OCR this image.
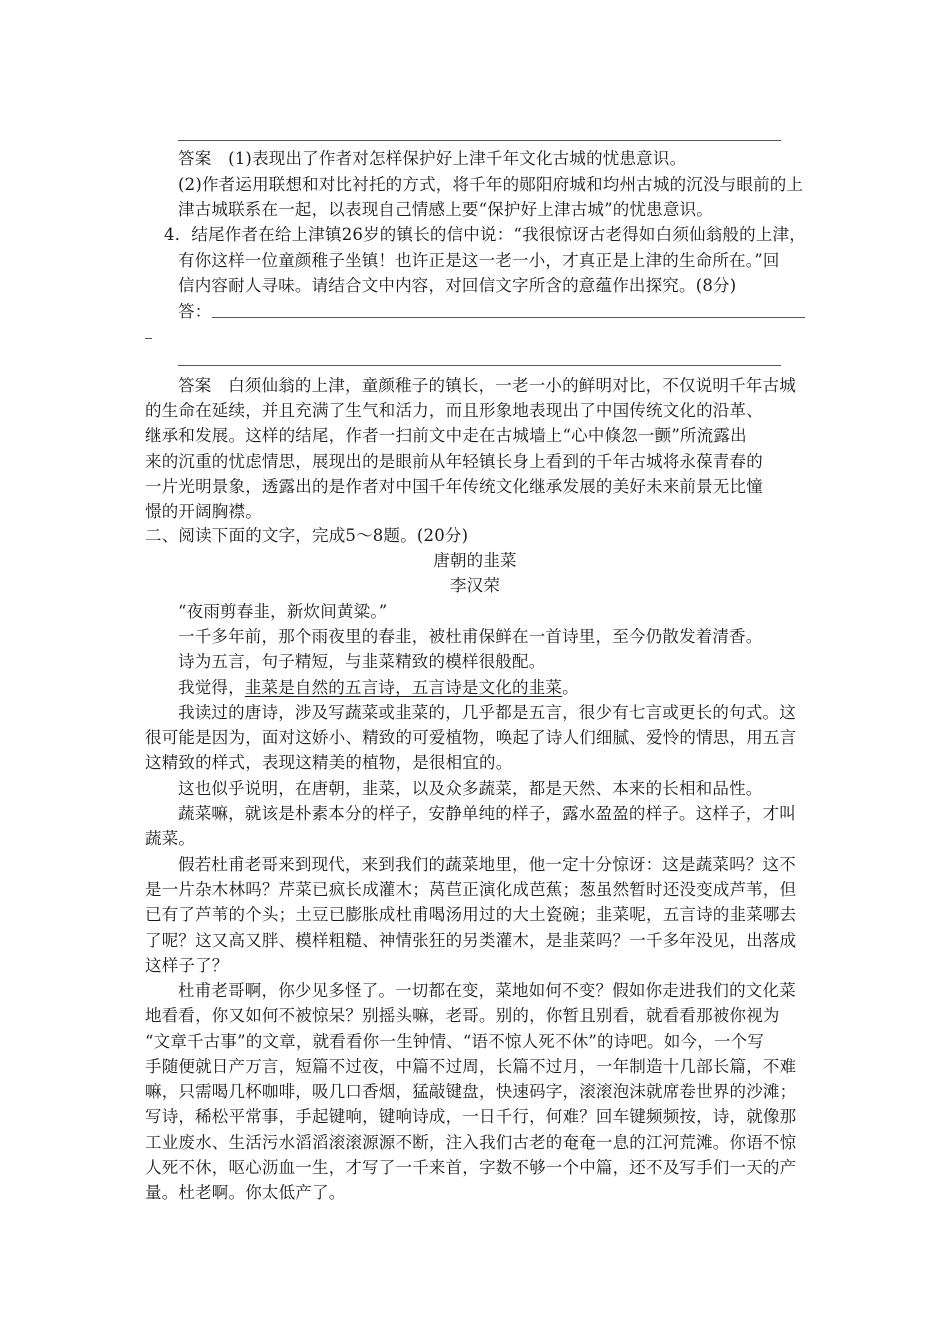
答案　(1)表现出了作者对怎样保护好上津千年文化古城的忧患意识。
(2)作者运用联想和对比衬托的方式，将千年的郧阳府城和均州古城的沉没与眼前的上
津古城联系在一起，以表现自己情感上要“保护好上津古城”的忧患意识。
4．结尾作者在给上津镇26岁的镇长的信中说：“我很惊讶古老得如白须仙翁般的上津，
有你这样一位童颜稚子坐镇！也许正是这一老一小，才真正是上津的生命所在。”回
信内容耐人寻味。请结合文中内容，对回信文字所含的意蕴作出探究。(8分)
答：
答案　白须仙翁的上津，童颜稚子的镇长，一老一小的鲜明对比，不仅说明千年古城
的生命在延续，并且充满了生气和活力，而且形象地表现出了中国传统文化的沿革、
继承和发展。这样的结尾，作者一扫前文中走在古城墙上“心中倏忽一颤”所流露出
来的沉重的忧虑情思，展现出的是眼前从年轻镇长身上看到的千年古城将永葆青春的
一片光明景象，透露出的是作者对中国千年传统文化继承发展的美好未来前景无比憧
憬的开阔胸襟。
二、阅读下面的文字，完成5～8题。(20分)
唐朝的韭菜
李汉荣
“夜雨剪春韭，新炊间黄粱。”
一千多年前，那个雨夜里的春韭，被杜甫保鲜在一首诗里，至今仍散发着清香。
诗为五言，句子精短，与韭菜精致的模样很般配。
我觉得，韭菜是自然的五言诗，五言诗是文化的韭菜。
我读过的唐诗，涉及写蔬菜或韭菜的，几乎都是五言，很少有七言或更长的句式。这
很可能是因为，面对这娇小、精致的可爱植物，唤起了诗人们细腻、爱怜的情思，用五言
这精致的样式，表现这精美的植物，是很相宜的。
这也似乎说明，在唐朝，韭菜，以及众多蔬菜，都是天然、本来的长相和品性。
蔬菜嘛，就该是朴素本分的样子，安静单纯的样子，露水盈盈的样子。这样子，才叫
蔬菜。
假若杜甫老哥来到现代，来到我们的蔬菜地里，他一定十分惊讶：这是蔬菜吗？这不
是一片杂木林吗？芹菜已疯长成灌木；莴苣正演化成芭蕉；葱虽然暂时还没变成芦苇，但
已有了芦苇的个头；土豆已膨胀成杜甫喝汤用过的大土瓷碗；韭菜呢，五言诗的韭菜哪去
了呢？这又高又胖、模样粗糙、神情张狂的另类灌木，是韭菜吗？一千多年没见，出落成
这样子了？
杜甫老哥啊，你少见多怪了。一切都在变，菜地如何不变？假如你走进我们的文化菜
地看看，你又如何不被惊呆？别摇头嘛，老哥。别的，你暂且别看，就看看那被你视为
“文章千古事”的文章，就看看你一生钟情、“语不惊人死不休”的诗吧。如今，一个写
手随便就日产万言，短篇不过夜，中篇不过周，长篇不过月，一年制造十几部长篇，不难
嘛，只需喝几杯咖啡，吸几口香烟，猛敲键盘，快速码字，滚滚泡沫就席卷世界的沙滩；
写诗，稀松平常事，手起键响，键响诗成，一日千行，何难？回车键频频按，诗，就像那
工业废水、生活污水滔滔滚滚源源不断，注入我们古老的奄奄一息的江河荒滩。你语不惊
人死不休，呕心沥血一生，才写了一千来首，字数不够一个中篇，还不及写手们一天的产
量。杜老啊。你太低产了。
